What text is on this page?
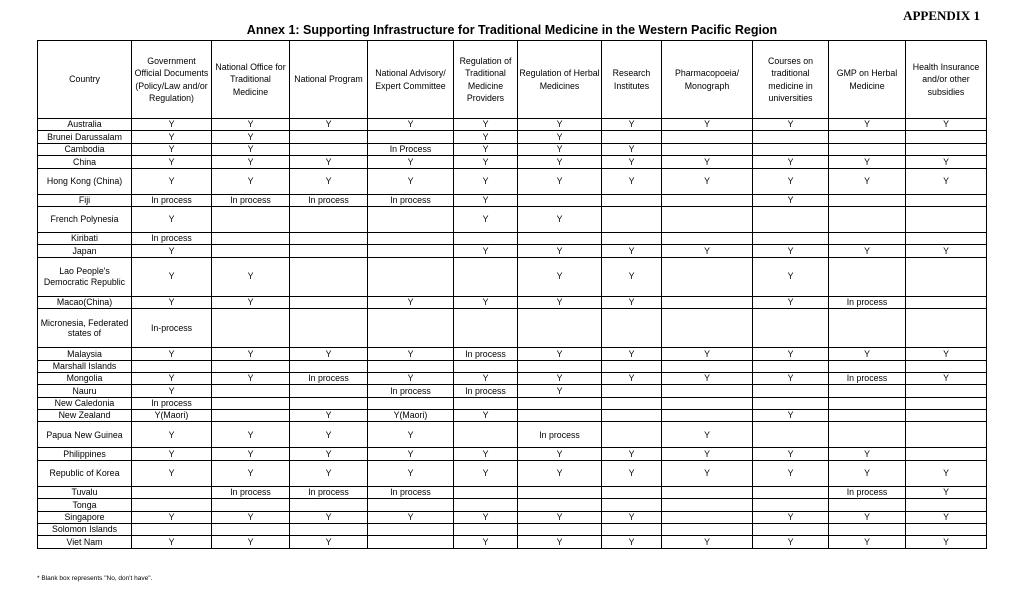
APPENDIX 1
Annex 1: Supporting Infrastructure for Traditional Medicine in the Western Pacific Region
Country	Government Official Documents (Policy/Law and/or Regulation)	National Office for Traditional Medicine	National Program	National Advisory/ Expert Committee	Regulation of Traditional Medicine Providers	Regulation of Herbal Medicines	Research Institutes	Pharmacopoeia/ Monograph	Courses on traditional medicine in universities	GMP on Herbal Medicine	Health Insurance and/or other subsidies
Australia	Y	Y	Y	Y	Y	Y	Y	Y	Y	Y	Y
Brunei Darussalam	Y	Y			Y	Y					
Cambodia	Y	Y		In Process	Y	Y	Y				
China	Y	Y	Y	Y	Y	Y	Y	Y	Y	Y	Y
Hong Kong (China)	Y	Y	Y	Y	Y	Y	Y	Y	Y	Y	Y
Fiji	In process	In process	In process	In process	Y				Y		
French Polynesia	Y				Y	Y					
Kiribati	In process										
Japan	Y				Y	Y	Y	Y	Y	Y	Y
Lao People's Democratic Republic	Y	Y				Y	Y		Y		
Macao(China)	Y	Y		Y	Y	Y	Y		Y	In process	
Micronesia, Federated states of	In-process										
Malaysia	Y	Y	Y	Y	In process	Y	Y	Y	Y	Y	Y
Marshall Islands											
Mongolia	Y	Y	In process	Y	Y	Y	Y	Y	Y	In process	Y
Nauru	Y			In process	In process	Y					
New Caledonia	In process										
New Zealand	Y(Maori)		Y	Y(Maori)	Y				Y		
Papua New Guinea	Y	Y	Y	Y		In process		Y			
Philippines	Y	Y	Y	Y	Y	Y	Y	Y	Y	Y	
Republic of Korea	Y	Y	Y	Y	Y	Y	Y	Y	Y	Y	Y
Tuvalu		In process	In process	In process						In process	Y
Tonga											
Singapore	Y	Y	Y	Y	Y	Y	Y		Y	Y	Y
Solomon Islands											
Viet Nam	Y	Y	Y		Y	Y	Y	Y	Y	Y	Y
* Blank box represents "No, don't have".
